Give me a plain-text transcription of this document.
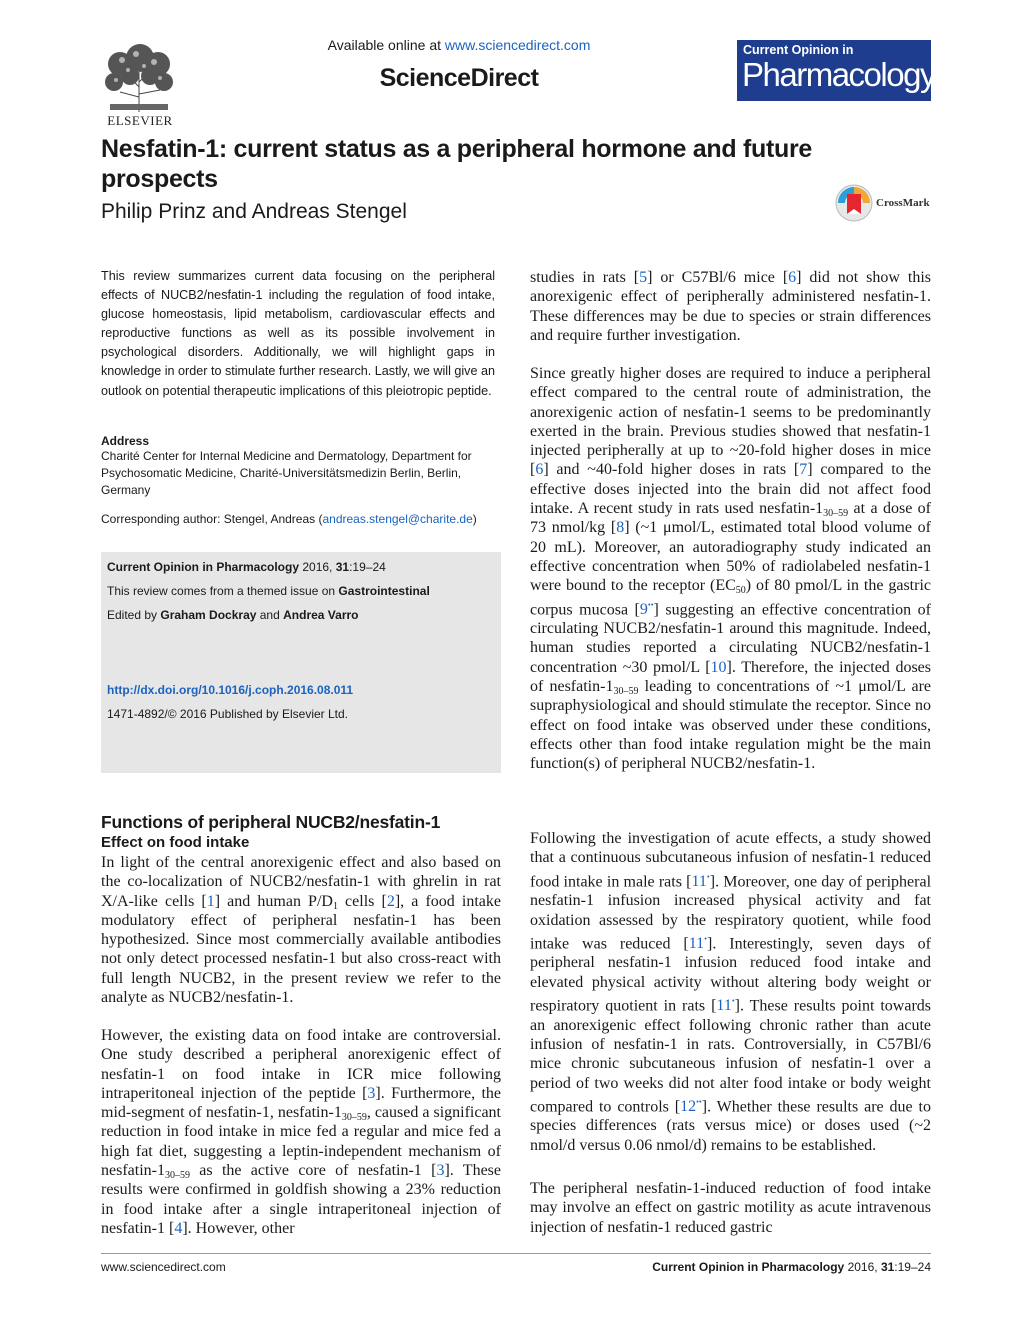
ELSEVIER
Available online at www.sciencedirect.com
ScienceDirect
Current Opinion in
Pharmacology
Nesfatin-1: current status as a peripheral hormone and future prospects
Philip Prinz and Andreas Stengel	CrossMark
This review summarizes current data focusing on the peripheral effects of NUCB2/nesfatin-1 including the regulation of food intake, glucose homeostasis, lipid metabolism, cardiovascular effects and reproductive functions as well as its possible involvement in psychological disorders. Additionally, we will highlight gaps in knowledge in order to stimulate further research. Lastly, we will give an outlook on potential therapeutic implications of this pleiotropic peptide.
Address
Charité Center for Internal Medicine and Dermatology, Department for Psychosomatic Medicine, Charité-Universitätsmedizin Berlin, Berlin, Germany
Corresponding author: Stengel, Andreas (andreas.stengel@charite.de)
Current Opinion in Pharmacology 2016, 31:19–24
This review comes from a themed issue on Gastrointestinal
Edited by Graham Dockray and Andrea Varro
http://dx.doi.org/10.1016/j.coph.2016.08.011
1471-4892/© 2016 Published by Elsevier Ltd.
Functions of peripheral NUCB2/nesfatin-1
Effect on food intake
In light of the central anorexigenic effect and also based on the co-localization of NUCB2/nesfatin-1 with ghrelin in rat X/A-like cells [1] and human $P/D_1$ cells [2], a food intake modulatory effect of peripheral nesfatin-1 has been hypothesized. Since most commercially available antibodies not only detect processed nesfatin-1 but also cross-react with full length NUCB2, in the present review we refer to the analyte as NUCB2/nesfatin-1.
However, the existing data on food intake are controversial. One study described a peripheral anorexigenic effect of nesfatin-1 on food intake in ICR mice following intraperitoneal injection of the peptide [3]. Furthermore, the mid-segment of nesfatin-1, nesfatin-$1_{30-59}$, caused a significant reduction in food intake in mice fed a regular and mice fed a high fat diet, suggesting a leptin-independent mechanism of nesfatin-$1_{30-59}$ as the active core of nesfatin-1 [3]. These results were confirmed in goldfish showing a 23% reduction in food intake after a single intraperitoneal injection of nesfatin-1 [4]. However, other
studies in rats [5] or C57Bl/6 mice [6] did not show this anorexigenic effect of peripherally administered nesfatin-1. These differences may be due to species or strain differences and require further investigation.
Since greatly higher doses are required to induce a peripheral effect compared to the central route of administration, the anorexigenic action of nesfatin-1 seems to be predominantly exerted in the brain. Previous studies showed that nesfatin-1 injected peripherally at up to ~20-fold higher doses in mice [6] and ~40-fold higher doses in rats [7] compared to the effective doses injected into the brain did not affect food intake. A recent study in rats used nesfatin-$1_{30-59}$ at a dose of 73 nmol/kg [8] (~1 μmol/L, estimated total blood volume of 20 mL). Moreover, an autoradiography study indicated an effective concentration when 50% of radiolabeled nesfatin-1 were bound to the receptor $(EC_{50})$ of 80 pmol/L in the gastric corpus mucosa [9••] suggesting an effective concentration of circulating NUCB2/nesfatin-1 around this magnitude. Indeed, human studies reported a circulating NUCB2/nesfatin-1 concentration ~30 pmol/L [10]. Therefore, the injected doses of nesfatin-$1_{30-59}$ leading to concentrations of ~1 μmol/L are supraphysiological and should stimulate the receptor. Since no effect on food intake was observed under these conditions, effects other than food intake regulation might be the main function(s) of peripheral NUCB2/nesfatin-1.
Following the investigation of acute effects, a study showed that a continuous subcutaneous infusion of nesfatin-1 reduced food intake in male rats [11•]. Moreover, one day of peripheral nesfatin-1 infusion increased physical activity and fat oxidation assessed by the respiratory quotient, while food intake was reduced [11•]. Interestingly, seven days of peripheral nesfatin-1 infusion reduced food intake and elevated physical activity without altering body weight or respiratory quotient in rats [11•]. These results point towards an anorexigenic effect following chronic rather than acute infusion of nesfatin-1 in rats. Controversially, in C57Bl/6 mice chronic subcutaneous infusion of nesfatin-1 over a period of two weeks did not alter food intake or body weight compared to controls [12••]. Whether these results are due to species differences (rats versus mice) or doses used (~2 nmol/d versus 0.06 nmol/d) remains to be established.
The peripheral nesfatin-1-induced reduction of food intake may involve an effect on gastric motility as acute intravenous injection of nesfatin-1 reduced gastric
www.sciencedirect.com	Current Opinion in Pharmacology 2016, 31:19–24
